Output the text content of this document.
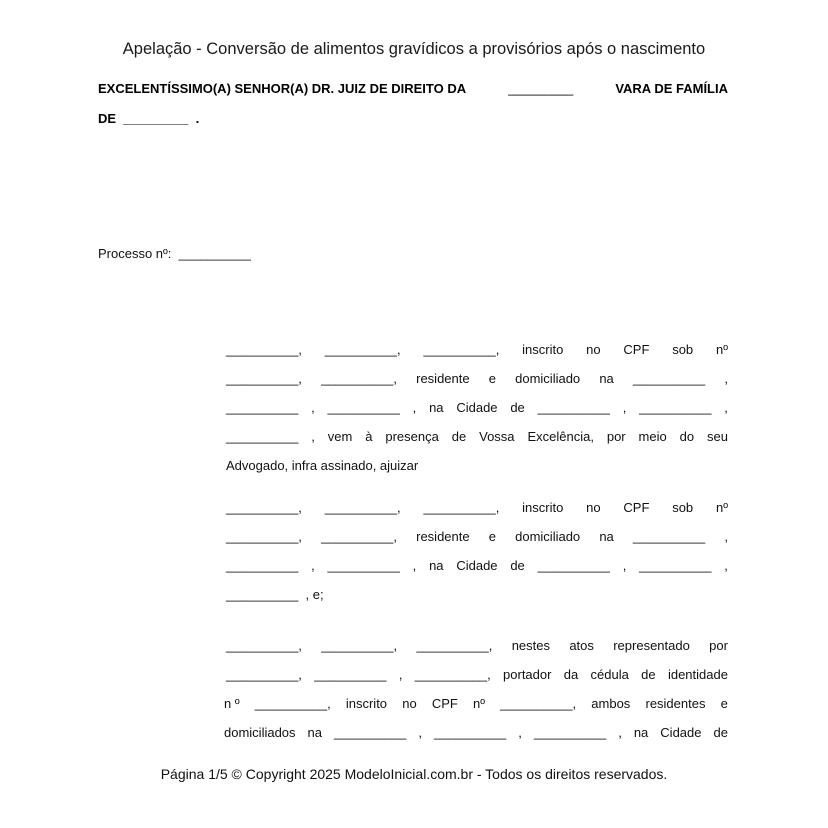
Apelação - Conversão de alimentos gravídicos a provisórios após o nascimento
EXCELENTÍSSIMO(A) SENHOR(A) DR. JUIZ DE DIREITO DA	_________	VARA DE FAMÍLIA
DE  _________  .
Processo nº:  __________
__________, __________, __________, inscrito no CPF sob nº
__________, __________, residente e domiciliado na __________ ,
__________ , __________ , na Cidade de __________ , __________ ,
__________ , vem à presença de Vossa Excelência, por meio do seu
Advogado, infra assinado, ajuizar
__________, __________, __________, inscrito no CPF sob nº
__________, __________, residente e domiciliado na __________ ,
__________ , __________ , na Cidade de __________ , __________ ,
__________  , e;
__________, __________, __________, nestes atos representado por
__________, __________ , __________, portador da cédula de identidade
n º __________, inscrito no CPF nº __________, ambos residentes e
domiciliados na __________ , __________ , __________ , na Cidade de
Página 1/5 © Copyright 2025 ModeloInicial.com.br - Todos os direitos reservados.
